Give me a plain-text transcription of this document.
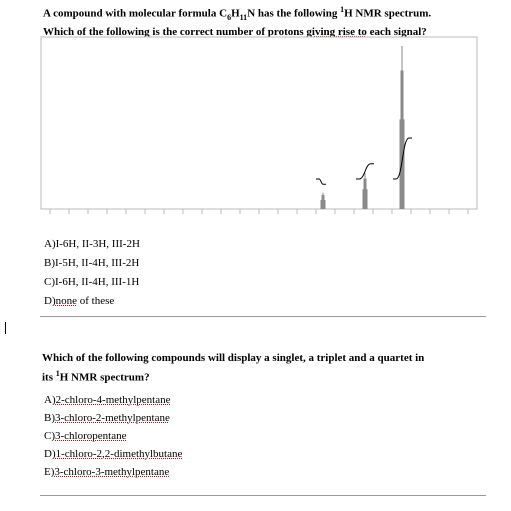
A compound with molecular formula $C_6H_{11}N$ has the following $^1$H NMR spectrum.
Which of the following is the correct number of protons giving rise to each signal?
A)I-6H, II-3H, III-2H
B)I-5H, II-4H, III-2H
C)I-6H, II-4H, III-1H
D)none of these
Which of the following compounds will display a singlet, a triplet and a quartet in
its $^1$H NMR spectrum?
A)2-chloro-4-methylpentane
B)3-chloro-2-methylpentane
C)3-chloropentane
D)1-chloro-2,2-dimethylbutane
E)3-chloro-3-methylpentane
